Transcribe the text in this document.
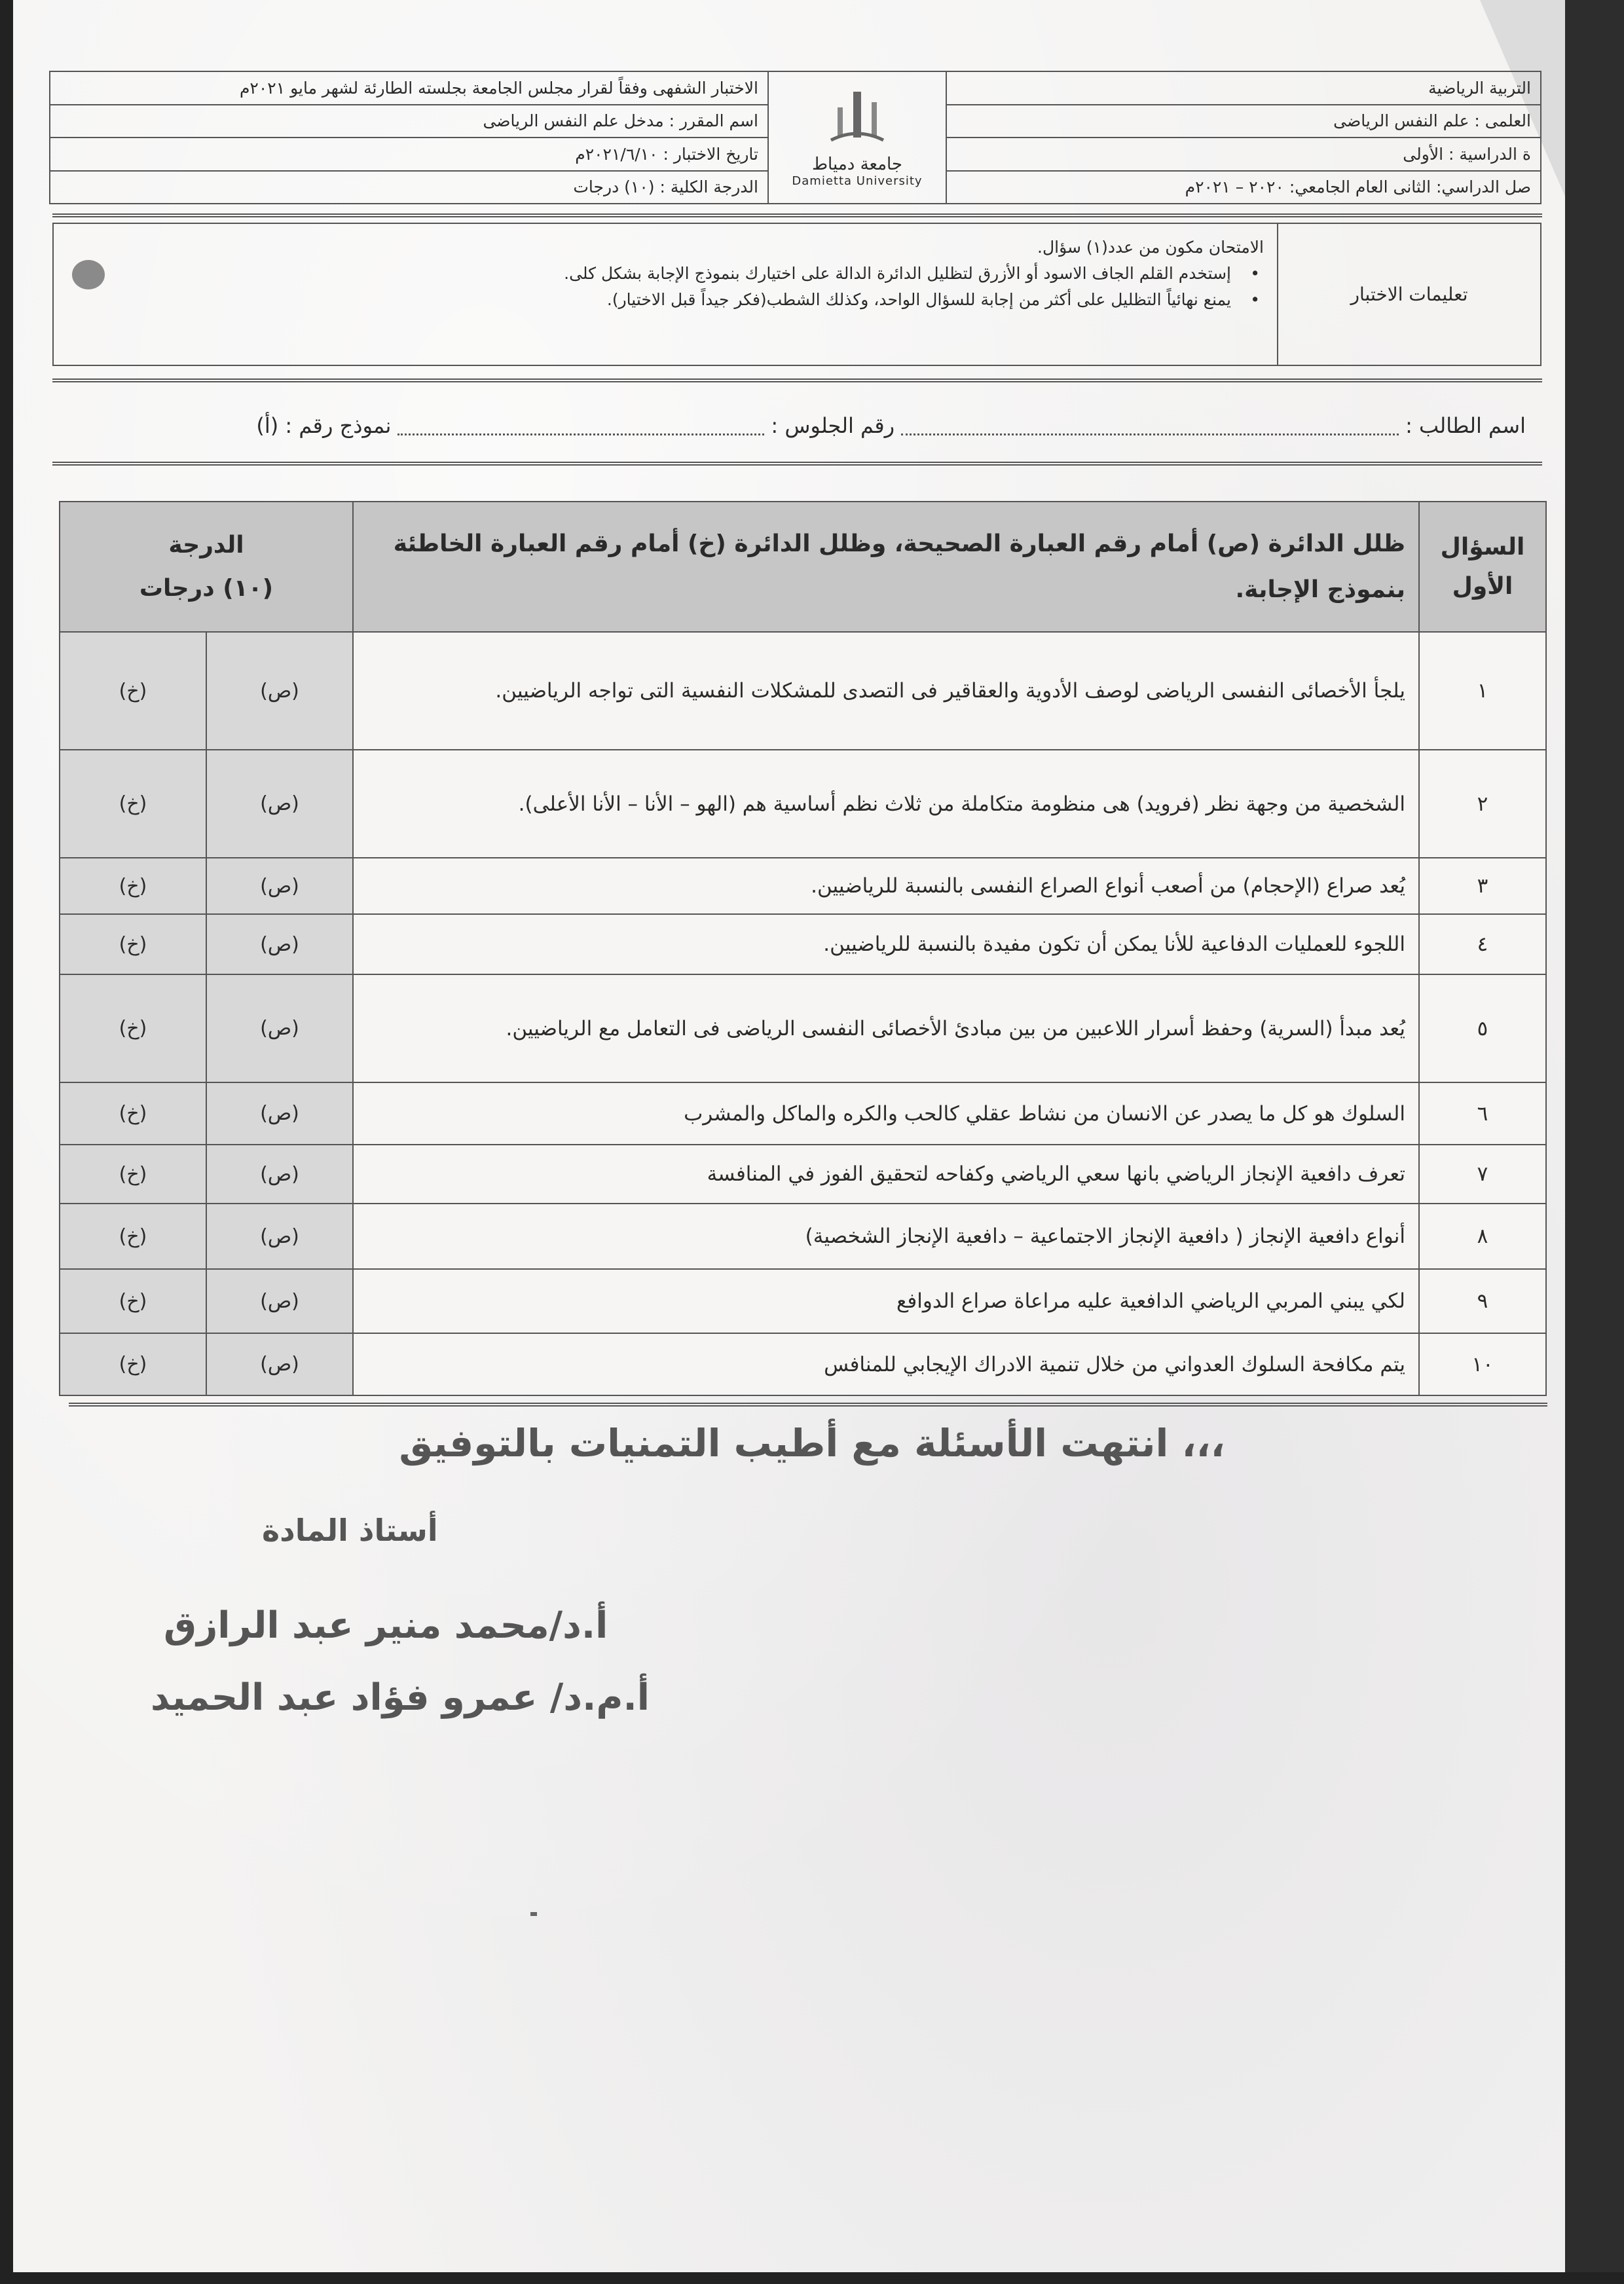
الاختبار الشفهى وفقاً لقرار مجلس الجامعة بجلسته الطارئة لشهر مايو ٢٠٢١م
اسم المقرر : مدخل علم النفس الرياضى
تاريخ الاختبار : ٢٠٢١/٦/١٠م
الدرجة الكلية : (١٠) درجات
جامعة دمياط
Damietta University
التربية الرياضية
العلمى : علم النفس الرياضى
ة الدراسية : الأولى
صل الدراسي: الثانى العام الجامعي: ٢٠٢٠ – ٢٠٢١م
تعليمات الاختبار
الامتحان مكون من عدد(١) سؤال.
• إستخدم القلم الجاف الاسود أو الأزرق لتظليل الدائرة الدالة على اختيارك بنموذج الإجابة بشكل كلى.
• يمنع نهائياً التظليل على أكثر من إجابة للسؤال الواحد، وكذلك الشطب(فكر جيداً قبل الاختيار).
اسم الطالب :
رقم الجلوس :
نموذج رقم : (أ)
السؤال الأول	ظلل الدائرة (ص) أمام رقم العبارة الصحيحة، وظلل الدائرة (خ) أمام رقم العبارة الخاطئة بنموذج الإجابة.	الدرجة
(١٠) درجات	

١	يلجأ الأخصائى النفسى الرياضى لوصف الأدوية والعقاقير فى التصدى للمشكلات النفسية التى تواجه الرياضيين.	(ص)	(خ)
٢	الشخصية من وجهة نظر (فرويد) هى منظومة متكاملة من ثلاث نظم أساسية هم (الهو – الأنا – الأنا الأعلى).	(ص)	(خ)
٣	يُعد صراع (الإحجام) من أصعب أنواع الصراع النفسى بالنسبة للرياضيين.	(ص)	(خ)
٤	اللجوء للعمليات الدفاعية للأنا يمكن أن تكون مفيدة بالنسبة للرياضيين.	(ص)	(خ)
٥	يُعد مبدأ (السرية) وحفظ أسرار اللاعبين من بين مبادئ الأخصائى النفسى الرياضى فى التعامل مع الرياضيين.	(ص)	(خ)
٦	السلوك هو كل ما يصدر عن الانسان من نشاط عقلي كالحب والكره والماكل والمشرب	(ص)	(خ)
٧	تعرف دافعية الإنجاز الرياضي بانها سعي الرياضي وكفاحه لتحقيق الفوز في المنافسة	(ص)	(خ)
٨	أنواع دافعية الإنجاز ( دافعية الإنجاز الاجتماعية – دافعية الإنجاز الشخصية)	(ص)	(خ)
٩	لكي يبني المربي الرياضي الدافعية عليه مراعاة صراع الدوافع	(ص)	(خ)
١٠	يتم مكافحة السلوك العدواني من خلال تنمية الادراك الإيجابي للمنافس	(ص)	(خ)
انتهت الأسئلة مع أطيب التمنيات بالتوفيق ،،،
أستاذ المادة
أ.د/محمد منير عبد الرازق
أ.م.د/ عمرو فؤاد عبد الحميد
